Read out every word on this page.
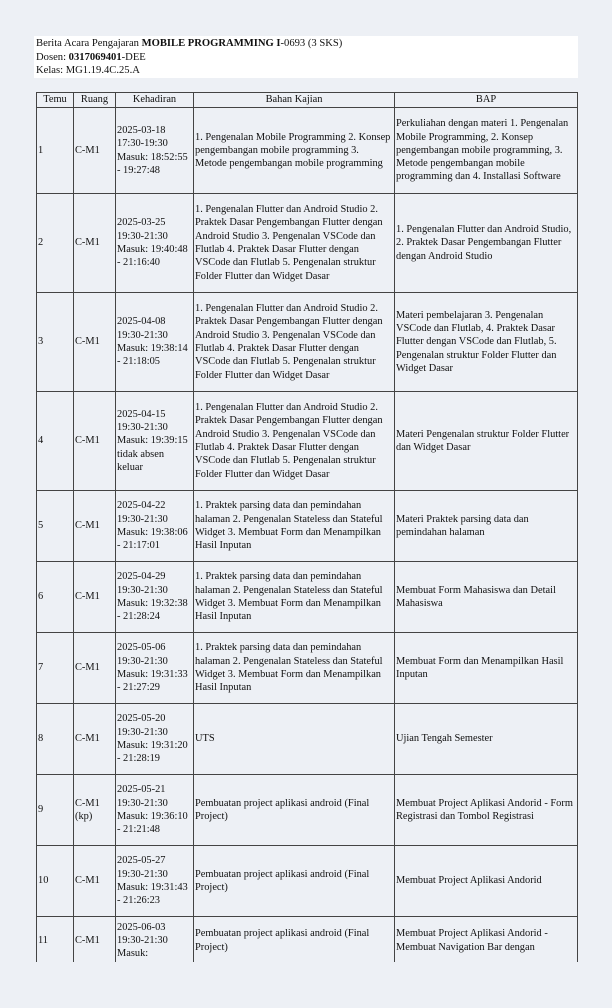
Berita Acara Pengajaran MOBILE PROGRAMMING I-0693 (3 SKS)
Dosen: 0317069401-DEE
Kelas: MG1.19.4C.25.A
Temu	Ruang	Kehadiran	Bahan Kajian	BAP
1	C-M1	2025-03-18 17:30-19:30 Masuk: 18:52:55 - 19:27:48	1. Pengenalan Mobile Programming 2. Konsep pengembangan mobile programming 3. Metode pengembangan mobile programming	Perkuliahan dengan materi 1. Pengenalan Mobile Programming, 2. Konsep pengembangan mobile programming, 3. Metode pengembangan mobile programming dan 4. Installasi Software
2	C-M1	2025-03-25 19:30-21:30 Masuk: 19:40:48 - 21:16:40	1. Pengenalan Flutter dan Android Studio 2. Praktek Dasar Pengembangan Flutter dengan Android Studio 3. Pengenalan VSCode dan Flutlab 4. Praktek Dasar Flutter dengan VSCode dan Flutlab 5. Pengenalan struktur Folder Flutter dan Widget Dasar	1. Pengenalan Flutter dan Android Studio, 2. Praktek Dasar Pengembangan Flutter dengan Android Studio
3	C-M1	2025-04-08 19:30-21:30 Masuk: 19:38:14 - 21:18:05	1. Pengenalan Flutter dan Android Studio 2. Praktek Dasar Pengembangan Flutter dengan Android Studio 3. Pengenalan VSCode dan Flutlab 4. Praktek Dasar Flutter dengan VSCode dan Flutlab 5. Pengenalan struktur Folder Flutter dan Widget Dasar	Materi pembelajaran 3. Pengenalan VSCode dan Flutlab, 4. Praktek Dasar Flutter dengan VSCode dan Flutlab, 5. Pengenalan struktur Folder Flutter dan Widget Dasar
4	C-M1	2025-04-15 19:30-21:30 Masuk: 19:39:15 tidak absen keluar	1. Pengenalan Flutter dan Android Studio 2. Praktek Dasar Pengembangan Flutter dengan Android Studio 3. Pengenalan VSCode dan Flutlab 4. Praktek Dasar Flutter dengan VSCode dan Flutlab 5. Pengenalan struktur Folder Flutter dan Widget Dasar	Materi Pengenalan struktur Folder Flutter dan Widget Dasar
5	C-M1	2025-04-22 19:30-21:30 Masuk: 19:38:06 - 21:17:01	1. Praktek parsing data dan pemindahan halaman 2. Pengenalan Stateless dan Stateful Widget 3. Membuat Form dan Menampilkan Hasil Inputan	Materi Praktek parsing data dan pemindahan halaman
6	C-M1	2025-04-29 19:30-21:30 Masuk: 19:32:38 - 21:28:24	1. Praktek parsing data dan pemindahan halaman 2. Pengenalan Stateless dan Stateful Widget 3. Membuat Form dan Menampilkan Hasil Inputan	Membuat Form Mahasiswa dan Detail Mahasiswa
7	C-M1	2025-05-06 19:30-21:30 Masuk: 19:31:33 - 21:27:29	1. Praktek parsing data dan pemindahan halaman 2. Pengenalan Stateless dan Stateful Widget 3. Membuat Form dan Menampilkan Hasil Inputan	Membuat Form dan Menampilkan Hasil Inputan
8	C-M1	2025-05-20 19:30-21:30 Masuk: 19:31:20 - 21:28:19	UTS	Ujian Tengah Semester
9	C-M1 (kp)	2025-05-21 19:30-21:30 Masuk: 19:36:10 - 21:21:48	Pembuatan project aplikasi android (Final Project)	Membuat Project Aplikasi Andorid - Form Registrasi dan Tombol Registrasi
10	C-M1	2025-05-27 19:30-21:30 Masuk: 19:31:43 - 21:26:23	Pembuatan project aplikasi android (Final Project)	Membuat Project Aplikasi Andorid
11	C-M1	2025-06-03 19:30-21:30 Masuk:	Pembuatan project aplikasi android (Final Project)	Membuat Project Aplikasi Andorid - Membuat Navigation Bar dengan
